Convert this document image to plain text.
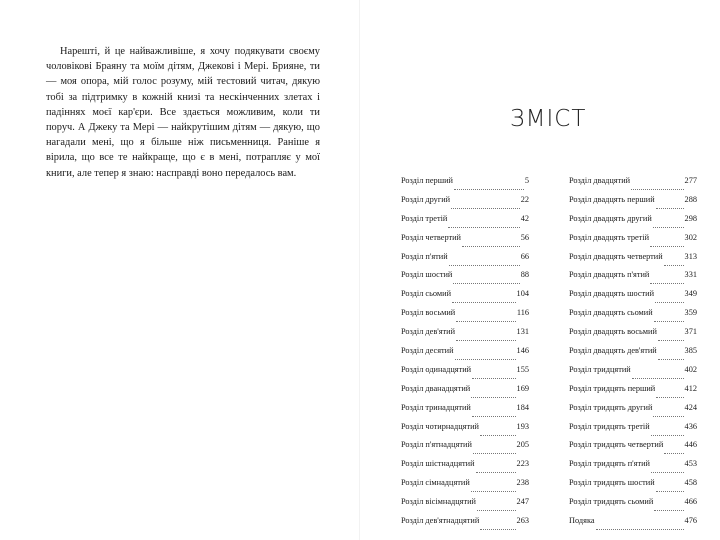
Нарешті, й це найважливіше, я хочу подякувати своєму чоловікові Браяну та моїм дітям, Джекові і Мері. Брияне, ти — моя опора, мій голос розуму, мій тестовий читач, дякую тобі за підтримку в кожній книзі та нескінченних злетах і падіннях моєї кар'єри. Все здається можливим, коли ти поруч. А Джеку та Мері — найкрутішим дітям — дякую, що нагадали мені, що я більше ніж письменниця. Раніше я вірила, що все те найкраще, що є в мені, потрапляє у мої книги, але тепер я знаю: насправді воно передалось вам.

ЗМІСТ
Розділ перший	5
Розділ другий	22
Розділ третій	42
Розділ четвертий	56
Розділ п'ятий	66
Розділ шостий	88
Розділ сьомий	104
Розділ восьмий	116
Розділ дев'ятий	131
Розділ десятий	146
Розділ одинадцятий	155
Розділ дванадцятий	169
Розділ тринадцятий	184
Розділ чотирнадцятий	193
Розділ п'ятнадцятий	205
Розділ шістнадцятий	223
Розділ сімнадцятий	238
Розділ вісімнадцятий	247
Розділ дев'ятнадцятий	263
Розділ двадцятий	277
Розділ двадцять перший	288
Розділ двадцять другий	298
Розділ двадцять третій	302
Розділ двадцять четвертий	313
Розділ двадцять п'ятий	331
Розділ двадцять шостий	349
Розділ двадцять сьомий	359
Розділ двадцять восьмий	371
Розділ двадцять дев'ятий	385
Розділ тридцятий	402
Розділ тридцять перший	412
Розділ тридцять другий	424
Розділ тридцять третій	436
Розділ тридцять четвертий	446
Розділ тридцять п'ятий	453
Розділ тридцять шостий	458
Розділ тридцять сьомий	466
Подяка	476
